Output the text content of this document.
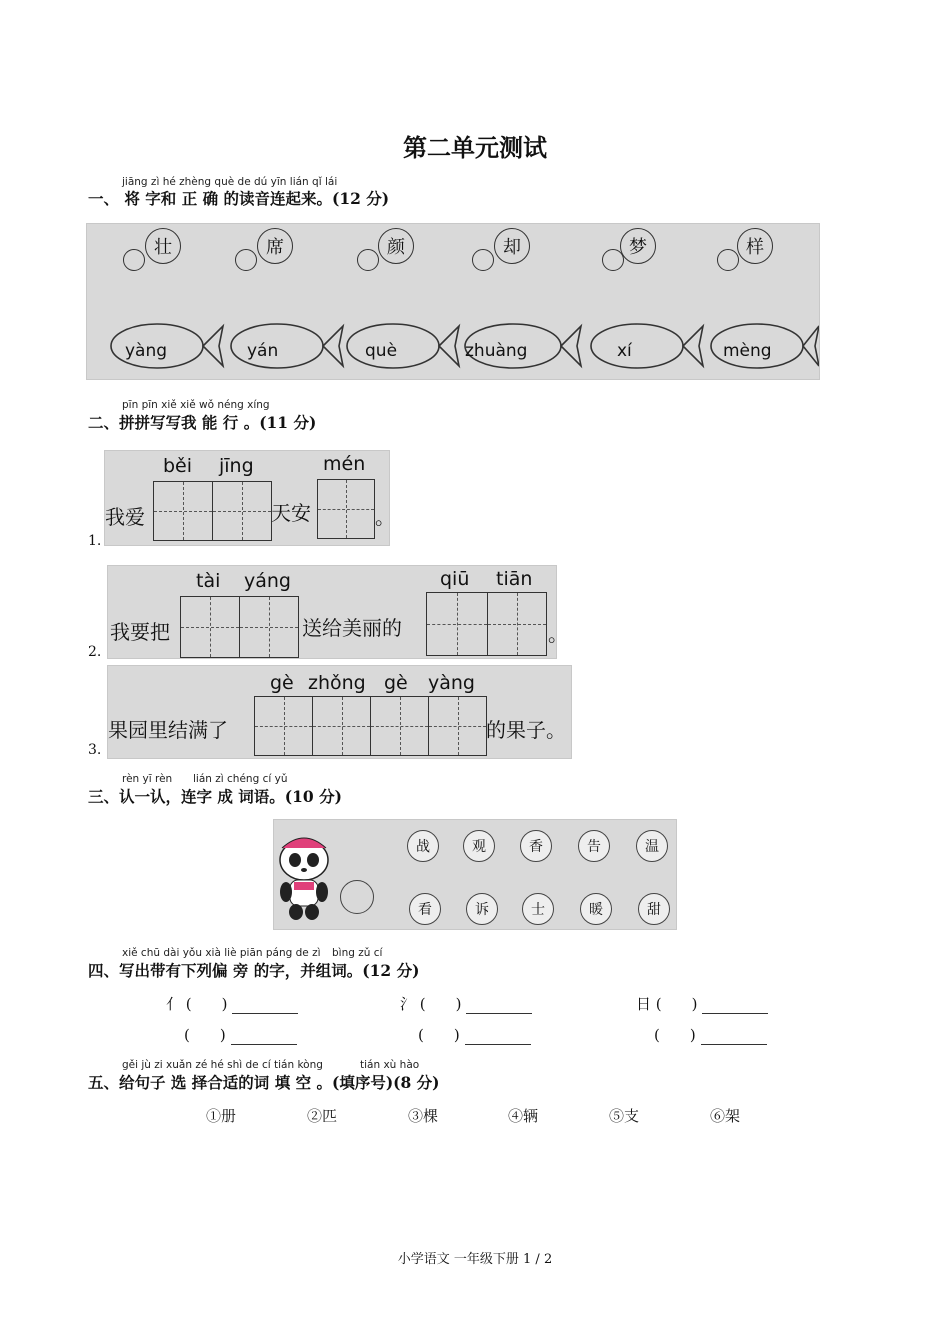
第二单元测试
jiāng zì hé zhèng què de dú yīn lián qǐ lái
一、 将 字和 正 确 的读音连起来。(12 分)
壮	席	颜	却	梦	样
yàng	yán	què	zhuàng	xí	mèng
pīn pīn xiě xiě wǒ néng xíng
二、拼拼写写我 能 行 。(11 分)
1.
běi jīng	mén
我爱	天安	。
2.
tài yáng	qiū tiān
我要把	送给美丽的	。
3.
gè zhǒng gè yàng
果园里结满了	的果子。
rèn yī rèn lián zì chéng cí yǔ
三、认一认，连字 成 词语。(10 分)
战	观	香	告	温
看	诉	士	暖	甜
xiě chū dài yǒu xià liè piān páng de zì bìng zǔ cí
四、写出带有下列偏 旁 的字，并组词。(12 分)
亻 (　　)	氵 (　　)	日 (　　)
(　　)	(　　)	(　　)
gěi jù zi xuǎn zé hé shì de cí tián kòng	tián xù hào
五、给句子 选 择合适的词 填 空 。(填序号)(8 分)
①册	②匹	③棵	④辆	⑤支	⑥架
小学语文 一年级下册 1 / 2
